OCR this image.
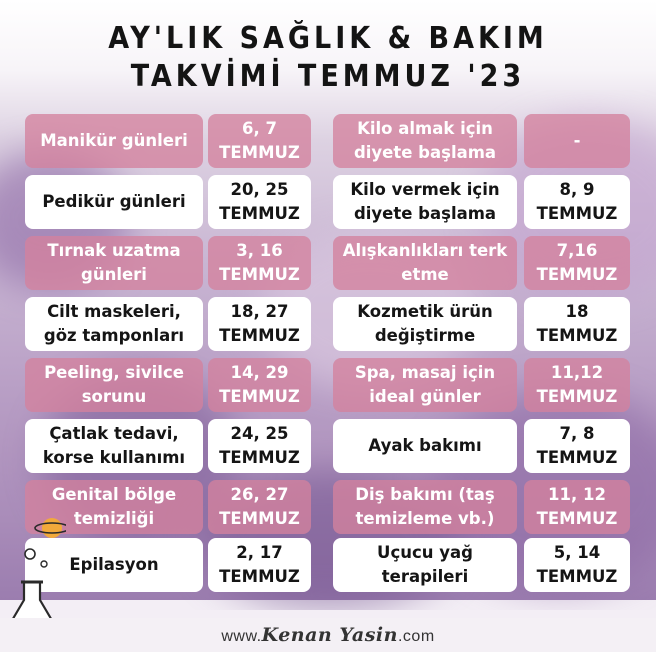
AY'LIK SAĞLIK & BAKIM
TAKVİMİ TEMMUZ '23
Manikür günleri
6, 7 TEMMUZ
Kilo almak için diyete başlama
-
Pedikür günleri
20, 25 TEMMUZ
Kilo vermek için diyete başlama
8, 9 TEMMUZ
Tırnak uzatma günleri
3, 16 TEMMUZ
Alışkanlıkları terk etme
7,16 TEMMUZ
Cilt maskeleri, göz tamponları
18, 27 TEMMUZ
Kozmetik ürün değiştirme
18 TEMMUZ
Peeling, sivilce sorunu
14, 29 TEMMUZ
Spa, masaj için ideal günler
11,12 TEMMUZ
Çatlak tedavi, korse kullanımı
24, 25 TEMMUZ
Ayak bakımı
7, 8 TEMMUZ
Genital bölge temizliği
26, 27 TEMMUZ
Diş bakımı (taş temizleme vb.)
11, 12 TEMMUZ
Epilasyon
2, 17 TEMMUZ
Uçucu yağ terapileri
5, 14 TEMMUZ
www.Kenan Yasin.com
